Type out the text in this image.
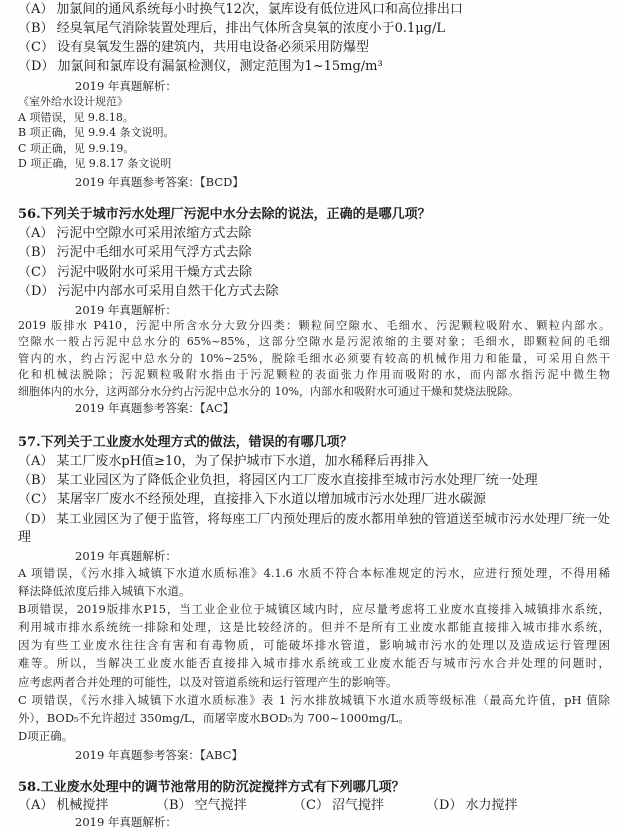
（A） 加氯间的通风系统每小时换气12次，氯库设有低位进风口和高位排出口
（B） 经臭氧尾气消除装置处理后，排出气体所含臭氧的浓度小于0.1μg/L
（C） 设有臭氧发生器的建筑内，共用电设备必须采用防爆型
（D） 加氯间和氯库设有漏氯检测仪，测定范围为1~15mg/m³
2019 年真题解析：
《室外给水设计规范》
A 项错误，见 9.8.18。
B 项正确，见 9.9.4 条文说明。
C 项正确，见 9.9.19。
D 项正确，见 9.8.17 条文说明
2019 年真题参考答案：【BCD】
56.下列关于城市污水处理厂污泥中水分去除的说法，正确的是哪几项？
（A） 污泥中空隙水可采用浓缩方式去除
（B） 污泥中毛细水可采用气浮方式去除
（C） 污泥中吸附水可采用干燥方式去除
（D） 污泥中内部水可采用自然干化方式去除
2019 年真题解析：
2019 版排水 P410，污泥中所含水分大致分四类：颗粒间空隙水、毛细水、污泥颗粒吸附水、颗粒内部水。
空隙水一般占污泥中总水分的 65%~85%，这部分空隙水是污泥浓缩的主要对象；毛细水，即颗粒间的毛细
管内的水，约占污泥中总水分的 10%~25%，脱除毛细水必须要有较高的机械作用力和能量，可采用自然干
化和机械法脱除；污泥颗粒吸附水指由于污泥颗粒的表面张力作用而吸附的水，而内部水指污泥中微生物
细胞体内的水分，这两部分水分约占污泥中总水分的 10%，内部水和吸附水可通过干燥和焚烧法脱除。
2019 年真题参考答案：【AC】
57.下列关于工业废水处理方式的做法，错误的有哪几项？
（A） 某工厂废水pH值≥10，为了保护城市下水道，加水稀释后再排入
（B） 某工业园区为了降低企业负担，将园区内工厂废水直接排至城市污水处理厂统一处理
（C） 某屠宰厂废水不经预处理，直接排入下水道以增加城市污水处理厂进水碳源
（D） 某工业园区为了便于监管，将每座工厂内预处理后的废水都用单独的管道送至城市污水处理厂统一处
理
2019 年真题解析：
A 项错误，《污水排入城镇下水道水质标准》4.1.6 水质不符合本标准规定的污水，应进行预处理，不得用稀
释法降低浓度后排入城镇下水道。
B项错误，2019版排水P15，当工业企业位于城镇区域内时，应尽量考虑将工业废水直接排入城镇排水系统，
利用城市排水系统统一排除和处理，这是比较经济的。但并不是所有工业废水都能直接排入城市排水系统，
因为有些工业废水往往含有害和有毒物质，可能破坏排水管道，影响城市污水的处理以及造成运行管理困
难等。所以，当解决工业废水能否直接排入城市排水系统或工业废水能否与城市污水合并处理的问题时，
应考虑两者合并处理的可能性，以及对管道系统和运行管理产生的影响等。
C 项错误，《污水排入城镇下水道水质标准》表 1 污水排放城镇下水道水质等级标准（最高允许值，pH 值除
外），BOD₅不允许超过 350mg/L，而屠宰废水BOD₅为 700~1000mg/L。
D项正确。
2019 年真题参考答案：【ABC】
58.工业废水处理中的调节池常用的防沉淀搅拌方式有下列哪几项？
（A） 机械搅拌	（B） 空气搅拌	（C） 沼气搅拌	（D） 水力搅拌
2019 年真题解析：
